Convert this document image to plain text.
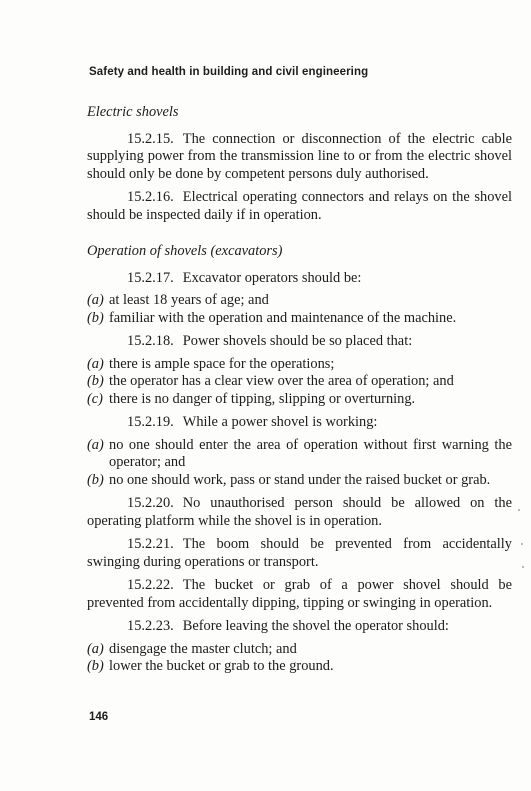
Safety and health in building and civil engineering
Electric shovels

15.2.15. The connection or disconnection of the electric cable supplying power from the transmission line to or from the electric shovel should only be done by competent persons duly authorised.

15.2.16. Electrical operating connectors and relays on the shovel should be inspected daily if in operation.

Operation of shovels (excavators)

15.2.17. Excavator operators should be:

(a) at least 18 years of age; and
(b) familiar with the operation and maintenance of the machine.

15.2.18. Power shovels should be so placed that:

(a) there is ample space for the operations;
(b) the operator has a clear view over the area of operation; and
(c) there is no danger of tipping, slipping or overturning.

15.2.19. While a power shovel is working:

(a) no one should enter the area of operation without first warning the operator; and
(b) no one should work, pass or stand under the raised bucket or grab.

15.2.20. No unauthorised person should be allowed on the operating platform while the shovel is in operation.

15.2.21. The boom should be prevented from accidentally swinging during operations or transport.

15.2.22. The bucket or grab of a power shovel should be prevented from accidentally dipping, tipping or swinging in operation.

15.2.23. Before leaving the shovel the operator should:

(a) disengage the master clutch; and
(b) lower the bucket or grab to the ground.
146
